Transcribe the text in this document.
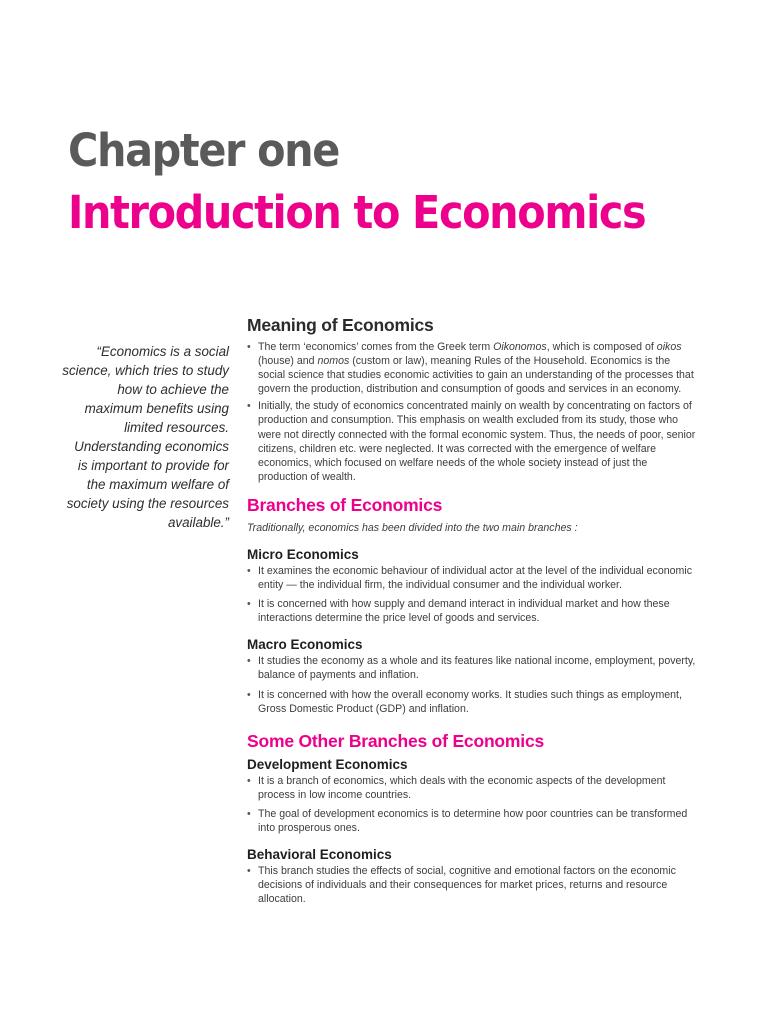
Chapter one
Introduction to Economics

“Economics is a social science, which tries to study how to achieve the maximum benefits using limited resources. Understanding economics is important to provide for the maximum welfare of society using the resources available.”

Meaning of Economics
• The term ‘economics’ comes from the Greek term Oikonomos, which is composed of oikos (house) and nomos (custom or law), meaning Rules of the Household. Economics is the social science that studies economic activities to gain an understanding of the processes that govern the production, distribution and consumption of goods and services in an economy.
• Initially, the study of economics concentrated mainly on wealth by concentrating on factors of production and consumption. This emphasis on wealth excluded from its study, those who were not directly connected with the formal economic system. Thus, the needs of poor, senior citizens, children etc. were neglected. It was corrected with the emergence of welfare economics, which focused on welfare needs of the whole society instead of just the production of wealth.
Branches of Economics

Traditionally, economics has been divided into the two main branches :

Micro Economics
• It examines the economic behaviour of individual actor at the level of the individual economic entity — the individual firm, the individual consumer and the individual worker.
• It is concerned with how supply and demand interact in individual market and how these interactions determine the price level of goods and services.
Macro Economics
• It studies the economy as a whole and its features like national income, employment, poverty, balance of payments and inflation.
• It is concerned with how the overall economy works. It studies such things as employment, Gross Domestic Product (GDP) and inflation.
Some Other Branches of Economics
Development Economics
• It is a branch of economics, which deals with the economic aspects of the development process in low income countries.
• The goal of development economics is to determine how poor countries can be transformed into prosperous ones.
Behavioral Economics
• This branch studies the effects of social, cognitive and emotional factors on the economic decisions of individuals and their consequences for market prices, returns and resource allocation.
